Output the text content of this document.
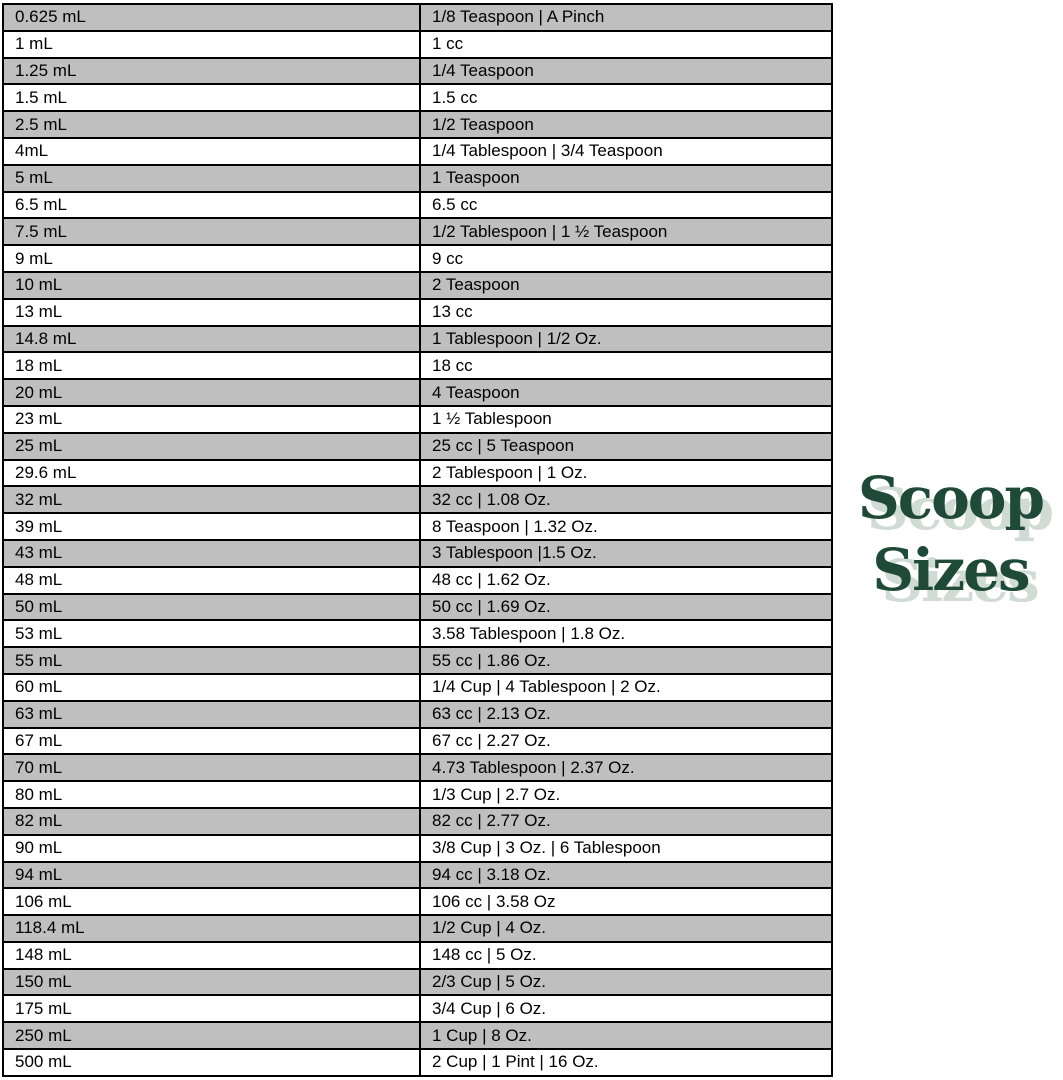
0.625 mL	1/8 Teaspoon | A Pinch
1 mL	1 cc
1.25 mL	1/4 Teaspoon
1.5 mL	1.5 cc
2.5 mL	1/2 Teaspoon
4mL	1/4 Tablespoon | 3/4 Teaspoon
5 mL	1 Teaspoon
6.5 mL	6.5 cc
7.5 mL	1/2 Tablespoon | 1 ½ Teaspoon
9 mL	9 cc
10 mL	2 Teaspoon
13 mL	13 cc
14.8 mL	1 Tablespoon | 1/2 Oz.
18 mL	18 cc
20 mL	4 Teaspoon
23 mL	1 ½ Tablespoon
25 mL	25 cc | 5 Teaspoon
29.6 mL	2 Tablespoon | 1 Oz.
32 mL	32 cc | 1.08 Oz.
39 mL	8 Teaspoon | 1.32 Oz.
43 mL	3 Tablespoon |1.5 Oz.
48 mL	48 cc | 1.62 Oz.
50 mL	50 cc | 1.69 Oz.
53 mL	3.58 Tablespoon | 1.8 Oz.
55 mL	55 cc | 1.86 Oz.
60 mL	1/4 Cup | 4 Tablespoon | 2 Oz.
63 mL	63 cc | 2.13 Oz.
67 mL	67 cc | 2.27 Oz.
70 mL	4.73 Tablespoon | 2.37 Oz.
80 mL	1/3 Cup | 2.7 Oz.
82 mL	82 cc | 2.77 Oz.
90 mL	3/8 Cup | 3 Oz. | 6 Tablespoon
94 mL	94 cc | 3.18 Oz.
106 mL	106 cc | 3.58 Oz
118.4 mL	1/2 Cup | 4 Oz.
148 mL	148 cc | 5 Oz.
150 mL	2/3 Cup | 5 Oz.
175 mL	3/4 Cup | 6 Oz.
250 mL	1 Cup | 8 Oz.
500 mL	2 Cup | 1 Pint | 16 Oz.
Scoop
Sizes
